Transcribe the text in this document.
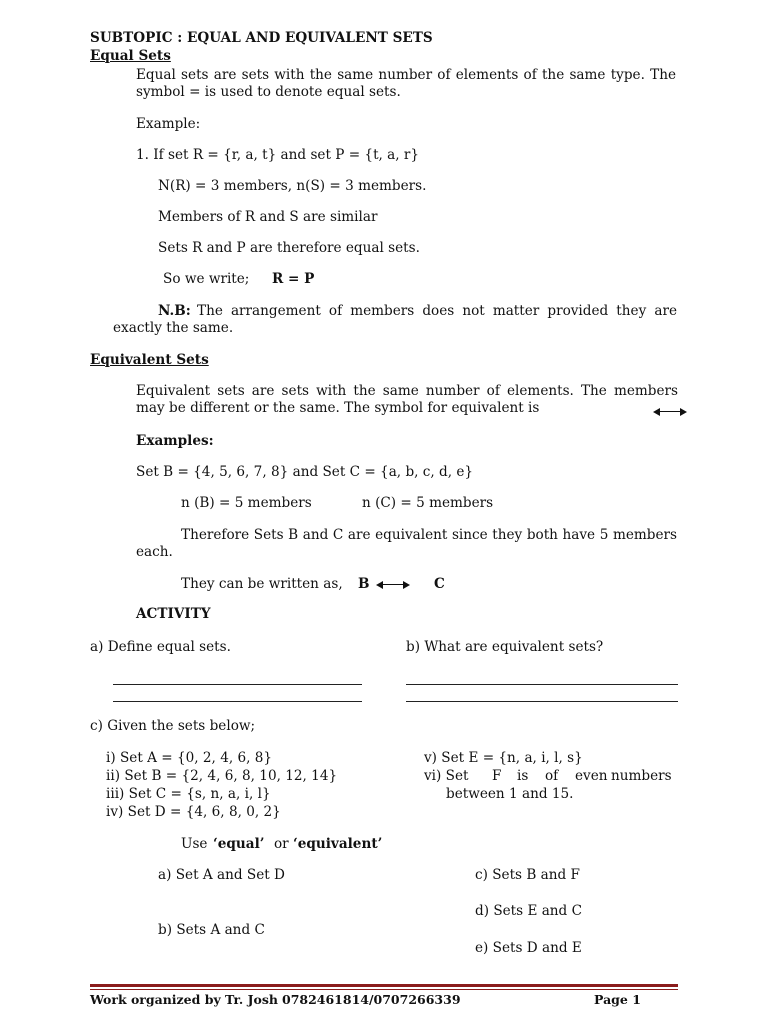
SUBTOPIC : EQUAL AND EQUIVALENT SETS
Equal Sets
Equal sets are sets with the same number of elements of the same type. The symbol = is used to denote equal sets.
Example:
1. If set R = {r, a, t} and set P = {t, a, r}
N(R) = 3 members, n(S) = 3 members.
Members of R and S are similar
Sets R and P are therefore equal sets.
So we write; R = P
N.B: The arrangement of members does not matter provided they are exactly the same.
Equivalent Sets
Equivalent sets are sets with the same number of elements. The members may be different or the same. The symbol for equivalent is
Examples:
Set B = {4, 5, 6, 7, 8} and Set C = {a, b, c, d, e}
n (B) = 5 members	n (C) = 5 members
Therefore Sets B and C are equivalent since they both have 5 members each.
They can be written as, B	C
ACTIVITY
a) Define equal sets.	b) What are equivalent sets?
c) Given the sets below;
i) Set A = {0, 2, 4, 6, 8}
ii) Set B = {2, 4, 6, 8, 10, 12, 14}
iii) Set C = {s, n, a, i, l}
iv) Set D = {4, 6, 8, 0, 2}
v) Set E = {n, a, i, l, s}
vi) Set F is of even numbers
between 1 and 15.
Use ‘equal’ or ‘equivalent’
a) Set A and Set D
b) Sets A and C
c) Sets B and F
d) Sets E and C
e) Sets D and E
Work organized by Tr. Josh 0782461814/0707266339	Page 1
